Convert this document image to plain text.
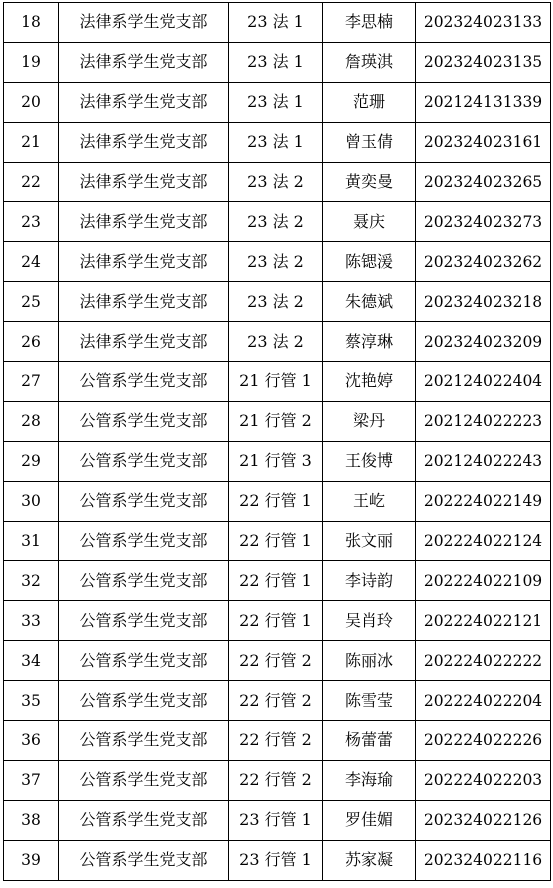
18	法律系学生党支部	23 法 1	李思楠	202324023133
19	法律系学生党支部	23 法 1	詹瑛淇	202324023135
20	法律系学生党支部	23 法 1	范珊	202124131339
21	法律系学生党支部	23 法 1	曾玉倩	202324023161
22	法律系学生党支部	23 法 2	黄奕曼	202324023265
23	法律系学生党支部	23 法 2	聂庆	202324023273
24	法律系学生党支部	23 法 2	陈锶湲	202324023262
25	法律系学生党支部	23 法 2	朱德斌	202324023218
26	法律系学生党支部	23 法 2	蔡淳琳	202324023209
27	公管系学生党支部	21 行管 1	沈艳婷	202124022404
28	公管系学生党支部	21 行管 2	梁丹	202124022223
29	公管系学生党支部	21 行管 3	王俊博	202124022243
30	公管系学生党支部	22 行管 1	王屹	202224022149
31	公管系学生党支部	22 行管 1	张文丽	202224022124
32	公管系学生党支部	22 行管 1	李诗韵	202224022109
33	公管系学生党支部	22 行管 1	吴肖玲	202224022121
34	公管系学生党支部	22 行管 2	陈丽冰	202224022222
35	公管系学生党支部	22 行管 2	陈雪莹	202224022204
36	公管系学生党支部	22 行管 2	杨蕾蕾	202224022226
37	公管系学生党支部	22 行管 2	李海瑜	202224022203
38	公管系学生党支部	23 行管 1	罗佳媚	202324022126
39	公管系学生党支部	23 行管 1	苏家凝	202324022116
